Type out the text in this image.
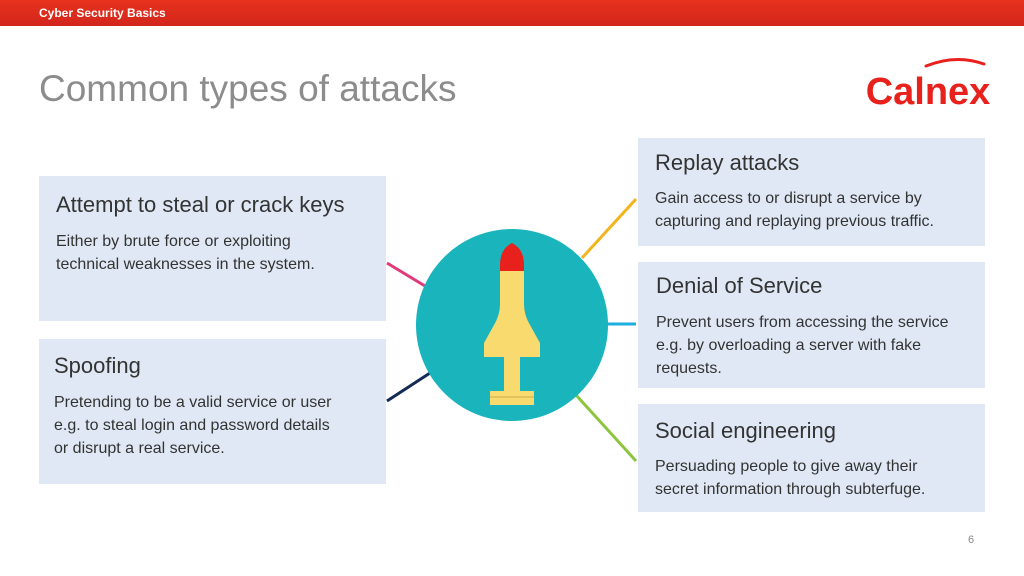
Cyber Security Basics
Common types of attacks	Calnex
Attempt to steal or crack keys
Either by brute force or exploiting
technical weaknesses in the system.
Spoofing
Pretending to be a valid service or user
e.g. to steal login and password details
or disrupt a real service.
Replay attacks
Gain access to or disrupt a service by
capturing and replaying previous traffic.
Denial of Service
Prevent users from accessing the service
e.g. by overloading a server with fake
requests.
Social engineering
Persuading people to give away their
secret information through subterfuge.
6
